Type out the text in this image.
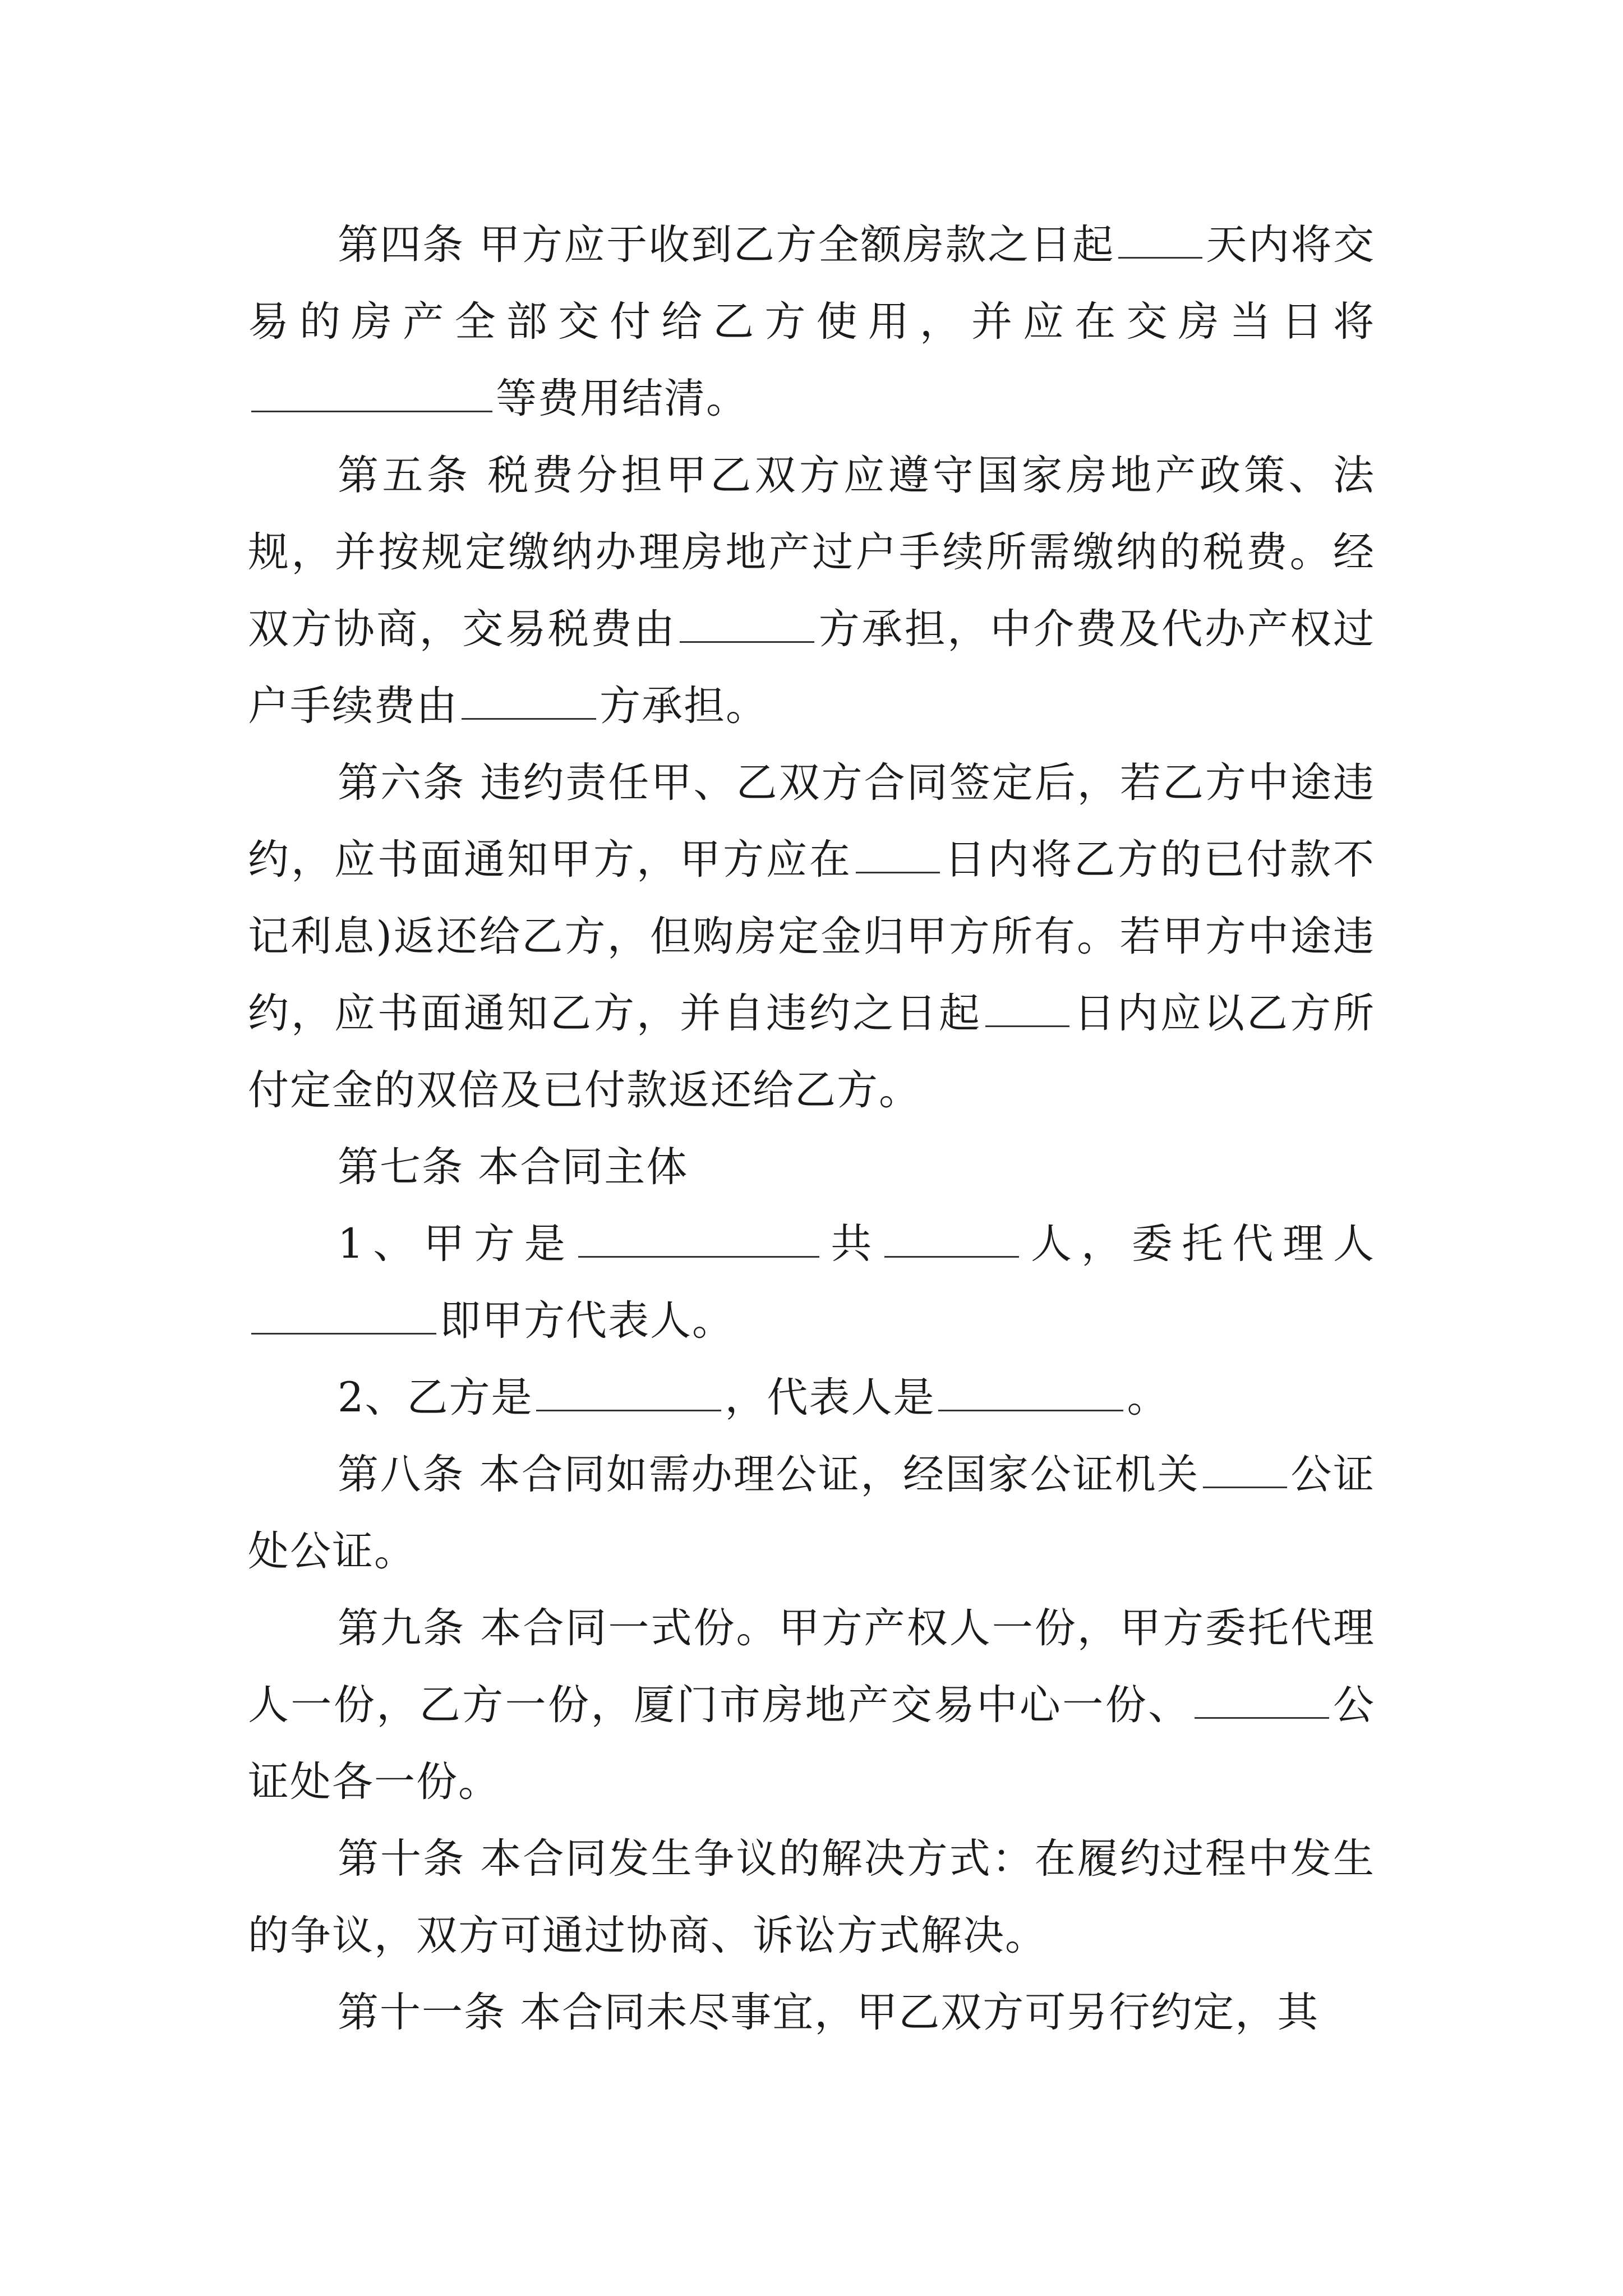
第四条 甲方应于收到乙方全额房款之日起 天内将交易的房产全部交付给乙方使用，并应在交房当日将等费用结清。

第五条 税费分担甲乙双方应遵守国家房地产政策、法规，并按规定缴纳办理房地产过户手续所需缴纳的税费。经双方协商，交易税费由	方承担，中介费及代办产权过户手续费由	方承担。

第六条 违约责任甲、乙双方合同签定后，若乙方中途违约，应书面通知甲方，甲方应在 日内将乙方的已付款不记利息)返还给乙方，但购房定金归甲方所有。若甲方中途违约，应书面通知乙方，并自违约之日起 日内应以乙方所付定金的双倍及已付款返还给乙方。

第七条 本合同主体

1、甲方是	共	人，委托代理人即甲方代表人。

2、乙方是	，代表人是	。

第八条 本合同如需办理公证，经国家公证机关 公证处公证。

第九条 本合同一式份。甲方产权人一份，甲方委托代理人一份，乙方一份，厦门市房地产交易中心一份、	公证处各一份。

第十条 本合同发生争议的解决方式：在履约过程中发生的争议，双方可通过协商、诉讼方式解决。

第十一条 本合同未尽事宜，甲乙双方可另行约定，其
